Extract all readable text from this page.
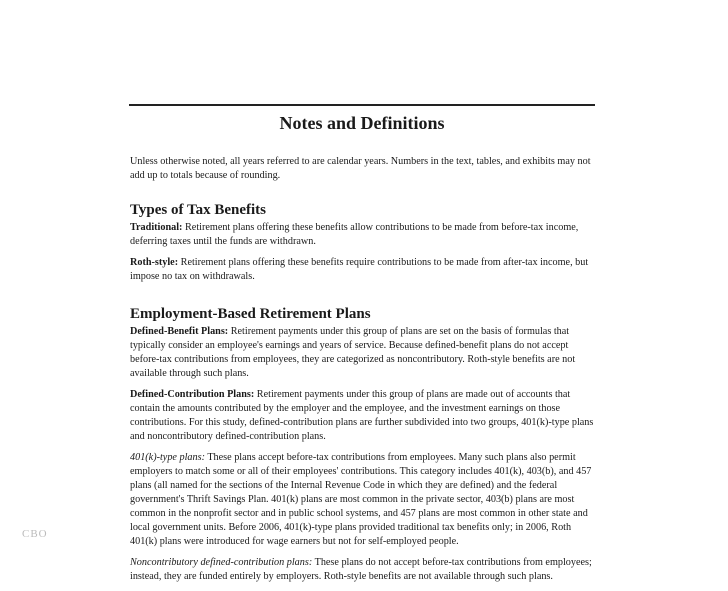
Notes and Definitions

Unless otherwise noted, all years referred to are calendar years. Numbers in the text, tables, and exhibits may not add up to totals because of rounding.

Types of Tax Benefits

Traditional: Retirement plans offering these benefits allow contributions to be made from before-tax income, deferring taxes until the funds are withdrawn.

Roth-style: Retirement plans offering these benefits require contributions to be made from after-tax income, but impose no tax on withdrawals.

Employment-Based Retirement Plans

Defined-Benefit Plans: Retirement payments under this group of plans are set on the basis of formulas that typically consider an employee's earnings and years of service. Because defined-benefit plans do not accept before-tax contributions from employees, they are categorized as noncontributory. Roth-style benefits are not available through such plans.

Defined-Contribution Plans: Retirement payments under this group of plans are made out of accounts that contain the amounts contributed by the employer and the employee, and the investment earnings on those contributions. For this study, defined-contribution plans are further subdivided into two groups, 401(k)-type plans and noncontributory defined-contribution plans.

401(k)-type plans: These plans accept before-tax contributions from employees. Many such plans also permit employers to match some or all of their employees' contributions. This category includes 401(k), 403(b), and 457 plans (all named for the sections of the Internal Revenue Code in which they are defined) and the federal government's Thrift Savings Plan. 401(k) plans are most common in the private sector, 403(b) plans are most common in the nonprofit sector and in public school systems, and 457 plans are most common in other state and local government units. Before 2006, 401(k)-type plans provided traditional tax benefits only; in 2006, Roth 401(k) plans were introduced for wage earners but not for self-employed people.

Noncontributory defined-contribution plans: These plans do not accept before-tax contributions from employees; instead, they are funded entirely by employers. Roth-style benefits are not available through such plans.

CBO
